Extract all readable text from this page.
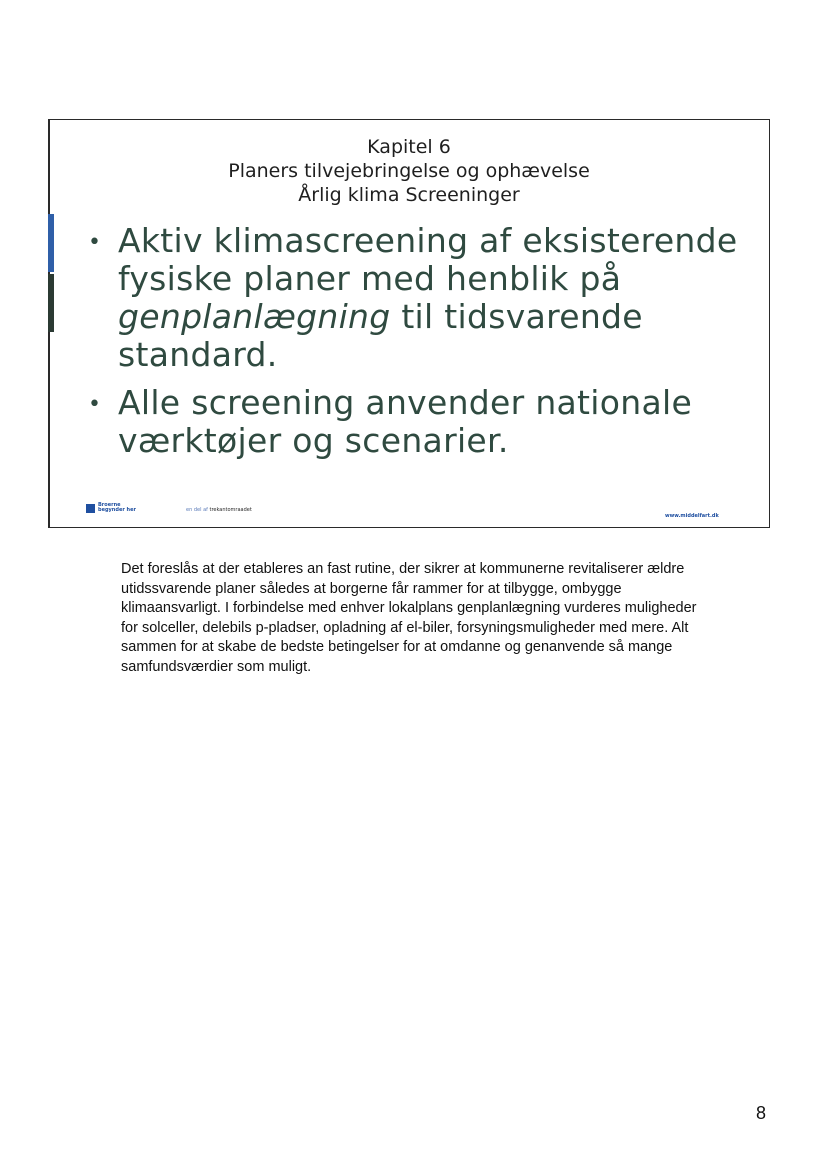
Kapitel 6
Planers tilvejebringelse og ophævelse
Årlig klima Screeninger
• Aktiv klimascreening af eksisterende fysiske planer med henblik på genplanlægning til tidsvarende standard.
• Alle screening anvender nationale værktøjer og scenarier.
Broerne
begynder her	en del af trekantomraadet
www.middelfart.dk
Det foreslås at der etableres an fast rutine, der sikrer at kommunerne revitaliserer ældre utidssvarende planer således at borgerne får rammer for at tilbygge, ombygge klimaansvarligt. I forbindelse med enhver lokalplans genplanlægning vurderes muligheder for solceller, delebils p-pladser, opladning af el-biler, forsyningsmuligheder med mere. Alt sammen for at skabe de bedste betingelser for at omdanne og genanvende så mange samfundsværdier som muligt.
8
